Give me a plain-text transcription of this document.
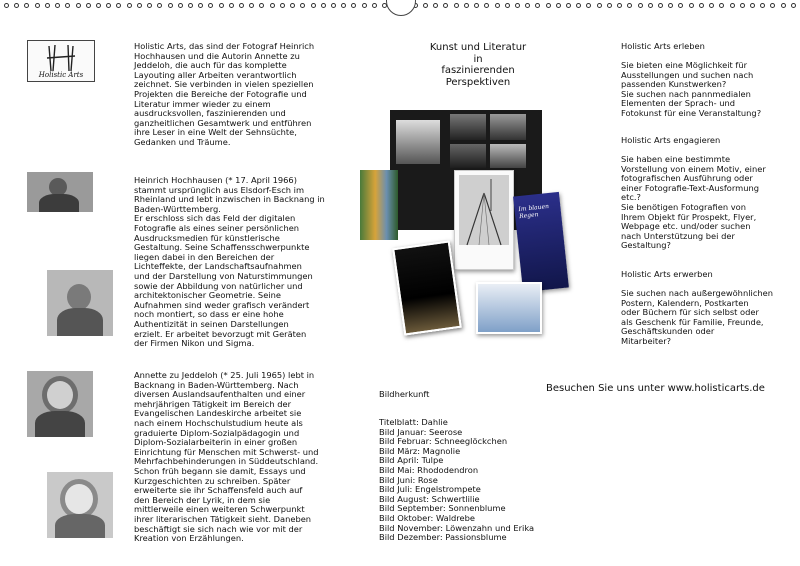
Holistic Arts
Holistic Arts, das sind der Fotograf Heinrich
Hochhausen und die Autorin Annette zu
Jeddeloh, die auch für das komplette
Layouting aller Arbeiten verantwortlich
zeichnet. Sie verbinden in vielen speziellen
Projekten die Bereiche der Fotografie und
Literatur immer wieder zu einem
ausdrucksvollen, faszinierenden und
ganzheitlichen Gesamtwerk und entführen
ihre Leser in eine Welt der Sehnsüchte,
Gedanken und Träume.
Heinrich Hochhausen (* 17. April 1966)
stammt ursprünglich aus Elsdorf-Esch im
Rheinland und lebt inzwischen in Backnang in
Baden-Württemberg.
Er erschloss sich das Feld der digitalen
Fotografie als eines seiner persönlichen
Ausdrucksmedien für künstlerische
Gestaltung. Seine Schaffensschwerpunkte
liegen dabei in den Bereichen der
Lichteffekte, der Landschaftsaufnahmen
und der Darstellung von Naturstimmungen
sowie der Abbildung von natürlicher und
architektonischer Geometrie. Seine
Aufnahmen sind weder grafisch verändert
noch montiert, so dass er eine hohe
Authentizität in seinen Darstellungen
erzielt. Er arbeitet bevorzugt mit Geräten
der Firmen Nikon und Sigma.
Annette zu Jeddeloh (* 25. Juli 1965) lebt in
Backnang in Baden-Württemberg. Nach
diversen Auslandsaufenthalten und einer
mehrjährigen Tätigkeit im Bereich der
Evangelischen Landeskirche arbeitet sie
nach einem Hochschulstudium heute als
graduierte Diplom-Sozialpädagogin und
Diplom-Sozialarbeiterin in einer großen
Einrichtung für Menschen mit Schwerst- und
Mehrfachbehinderungen in Süddeutschland.
Schon früh begann sie damit, Essays und
Kurzgeschichten zu schreiben. Später
erweiterte sie ihr Schaffensfeld auch auf
den Bereich der Lyrik, in dem sie
mittlerweile einen weiteren Schwerpunkt
ihrer literarischen Tätigkeit sieht. Daneben
beschäftigt sie sich nach wie vor mit der
Kreation von Erzählungen.
Kunst und Literatur
in
faszinierenden
Perspektiven
Im blauen Regen
Holistic Arts erleben
Sie bieten eine Möglichkeit für
Ausstellungen und suchen nach
passenden Kunstwerken?
Sie suchen nach pannmedialen
Elementen der Sprach- und
Fotokunst für eine Veranstaltung?
Holistic Arts engagieren
Sie haben eine bestimmte
Vorstellung von einem Motiv, einer
fotografischen Ausführung oder
einer Fotografie-Text-Ausformung
etc.?
Sie benötigen Fotografien von
Ihrem Objekt für Prospekt, Flyer,
Webpage etc. und/oder suchen
nach Unterstützung bei der
Gestaltung?
Holistic Arts erwerben
Sie suchen nach außergewöhnlichen
Postern, Kalendern, Postkarten
oder Büchern für sich selbst oder
als Geschenk für Familie, Freunde,
Geschäftskunden oder
Mitarbeiter?
Besuchen Sie uns unter www.holisticarts.de
Bildherkunft
Titelblatt: Dahlie
Bild Januar: Seerose
Bild Februar: Schneeglöckchen
Bild März: Magnolie
Bild April: Tulpe
Bild Mai: Rhododendron
Bild Juni: Rose
Bild Juli: Engelstrompete
Bild August: Schwertlilie
Bild September: Sonnenblume
Bild Oktober: Waldrebe
Bild November: Löwenzahn und Erika
Bild Dezember: Passionsblume
